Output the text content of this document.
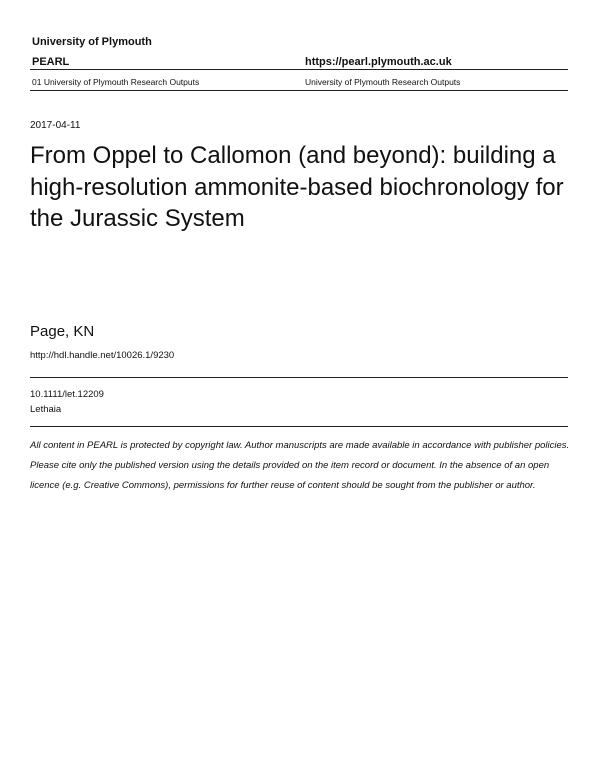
University of Plymouth
PEARL	https://pearl.plymouth.ac.uk
01 University of Plymouth Research Outputs	University of Plymouth Research Outputs
2017-04-11
From Oppel to Callomon (and beyond): building a high-resolution ammonite-based biochronology for the Jurassic System
Page, KN
http://hdl.handle.net/10026.1/9230
10.1111/let.12209
Lethaia

All content in PEARL is protected by copyright law. Author manuscripts are made available in accordance with publisher policies. Please cite only the published version using the details provided on the item record or document. In the absence of an open licence (e.g. Creative Commons), permissions for further reuse of content should be sought from the publisher or author.
